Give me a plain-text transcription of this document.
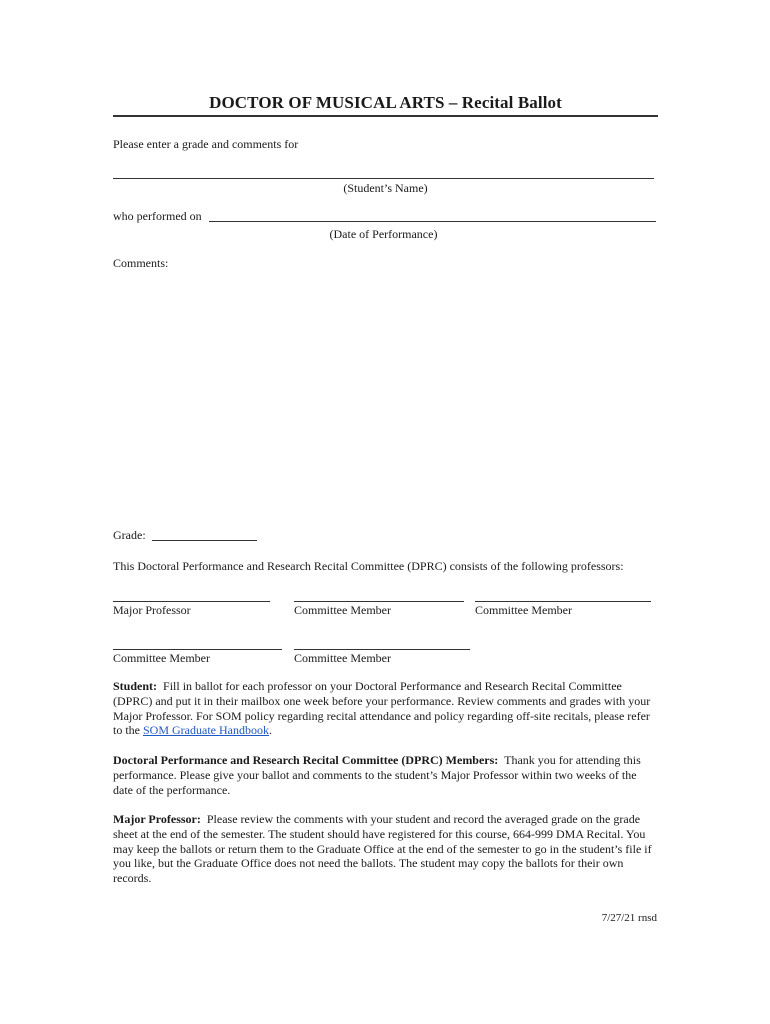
DOCTOR OF MUSICAL ARTS – Recital Ballot
Please enter a grade and comments for
(Student’s Name)
who performed on
(Date of Performance)
Comments:
Grade:
This Doctoral Performance and Research Recital Committee (DPRC) consists of the following professors:
Major Professor	Committee Member	Committee Member
Committee Member	Committee Member
Student: Fill in ballot for each professor on your Doctoral Performance and Research Recital Committee (DPRC) and put it in their mailbox one week before your performance. Review comments and grades with your Major Professor. For SOM policy regarding recital attendance and policy regarding off-site recitals, please refer to the SOM Graduate Handbook.
Doctoral Performance and Research Recital Committee (DPRC) Members: Thank you for attending this performance. Please give your ballot and comments to the student’s Major Professor within two weeks of the date of the performance.
Major Professor: Please review the comments with your student and record the averaged grade on the grade sheet at the end of the semester. The student should have registered for this course, 664-999 DMA Recital. You may keep the ballots or return them to the Graduate Office at the end of the semester to go in the student’s file if you like, but the Graduate Office does not need the ballots. The student may copy the ballots for their own records.
7/27/21 rnsd
